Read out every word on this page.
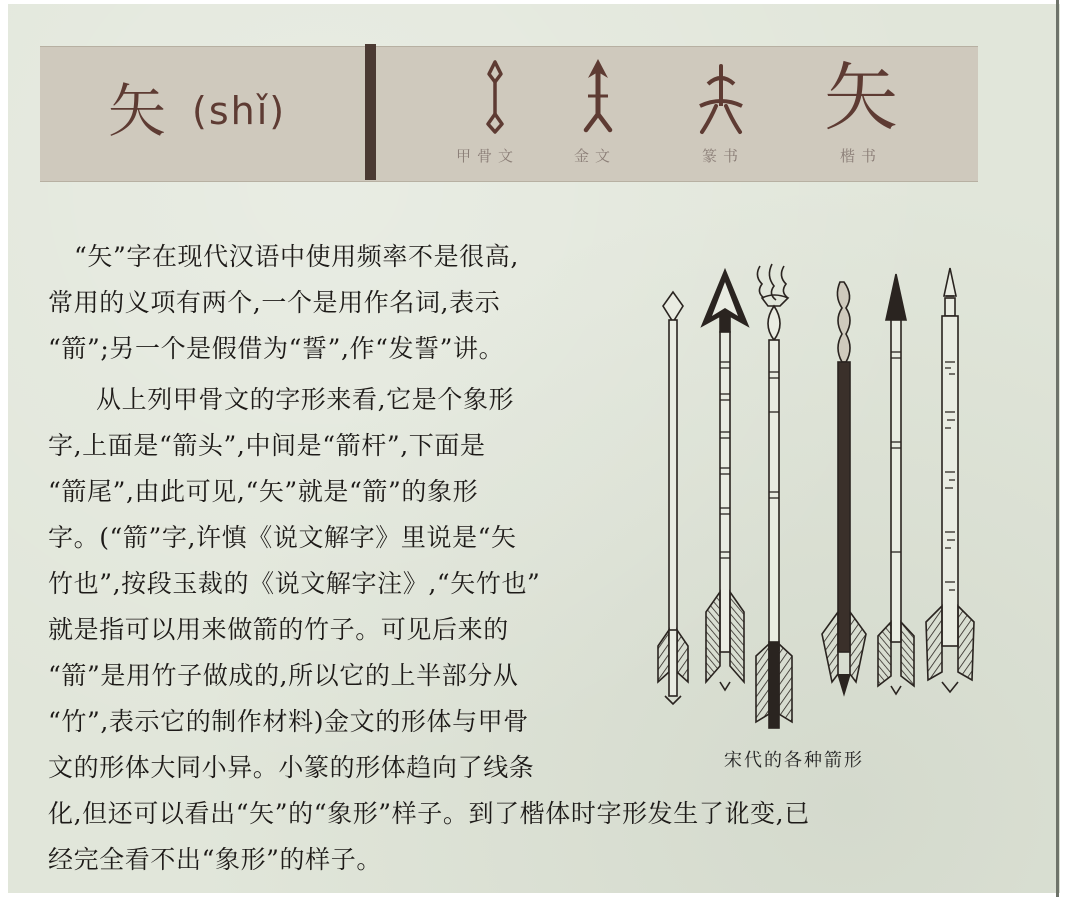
矢 (shǐ)	矢
甲骨文	金文	篆书	楷书
“矢”字在现代汉语中使用频率不是很高,
常用的义项有两个,一个是用作名词,表示
“箭”;另一个是假借为“誓”,作“发誓”讲。
从上列甲骨文的字形来看,它是个象形
字,上面是“箭头”,中间是“箭杆”,下面是
“箭尾”,由此可见,“矢”就是“箭”的象形
字。(“箭”字,许慎《说文解字》里说是“矢
竹也”,按段玉裁的《说文解字注》,“矢竹也”
就是指可以用来做箭的竹子。可见后来的
“箭”是用竹子做成的,所以它的上半部分从
“竹”,表示它的制作材料)金文的形体与甲骨
文的形体大同小异。小篆的形体趋向了线条
化,但还可以看出“矢”的“象形”样子。到了楷体时字形发生了讹变,已
经完全看不出“象形”的样子。
宋代的各种箭形
